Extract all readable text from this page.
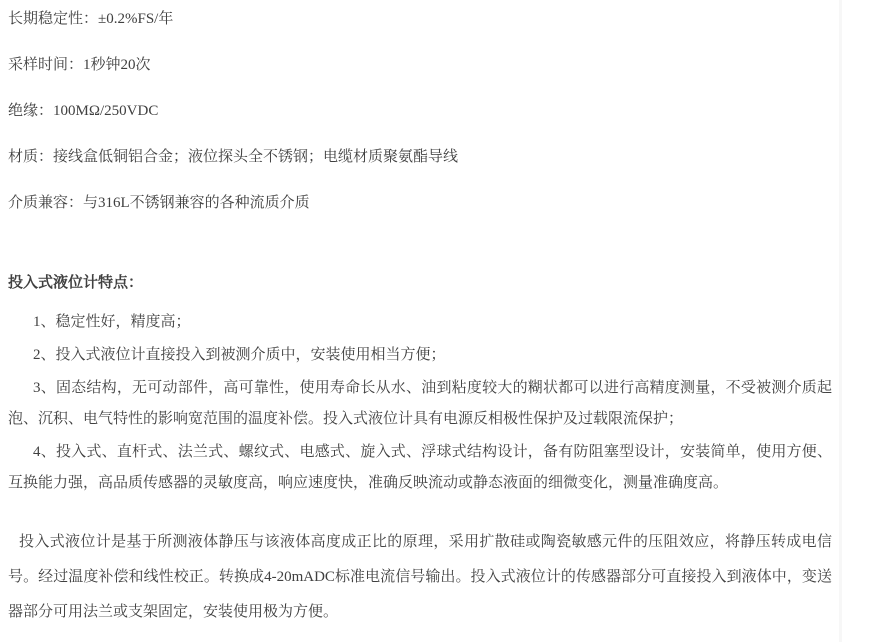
长期稳定性：±0.2%FS/年

采样时间：1秒钟20次

绝缘：100MΩ/250VDC

材质：接线盒低铜铝合金；液位探头全不锈钢；电缆材质聚氨酯导线

介质兼容：与316L不锈钢兼容的各种流质介质

投入式液位计特点：

1、稳定性好，精度高；

2、投入式液位计直接投入到被测介质中，安装使用相当方便；

3、固态结构，无可动部件，高可靠性，使用寿命长从水、油到粘度较大的糊状都可以进行高精度测量，不受被测介质起泡、沉积、电气特性的影响宽范围的温度补偿。投入式液位计具有电源反相极性保护及过载限流保护；

4、投入式、直杆式、法兰式、螺纹式、电感式、旋入式、浮球式结构设计，备有防阻塞型设计，安装简单，使用方便、互换能力强，高品质传感器的灵敏度高，响应速度快，准确反映流动或静态液面的细微变化，测量准确度高。

投入式液位计是基于所测液体静压与该液体高度成正比的原理，采用扩散硅或陶瓷敏感元件的压阻效应，将静压转成电信号。经过温度补偿和线性校正。转换成4-20mADC标准电流信号输出。投入式液位计的传感器部分可直接投入到液体中，变送器部分可用法兰或支架固定，安装使用极为方便。
